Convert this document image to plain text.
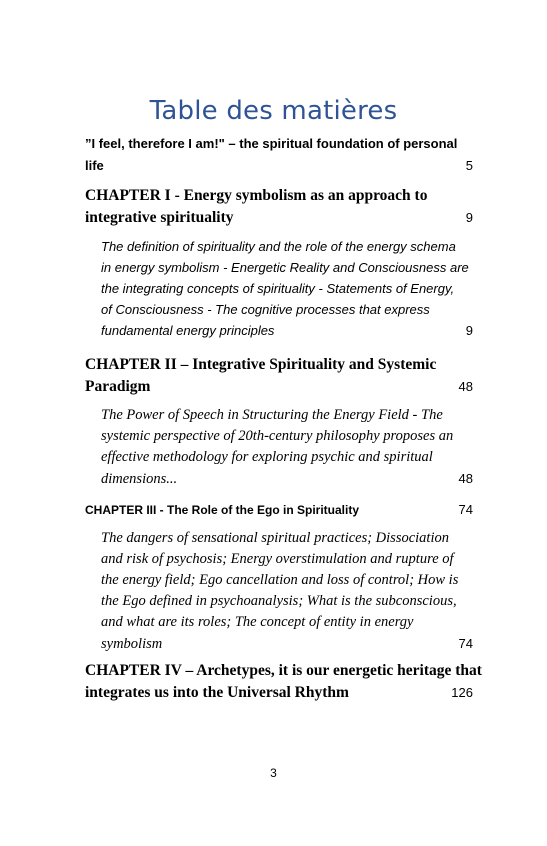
Table des matières
”I feel, therefore I am!" – the spiritual foundation of personal
life	5
CHAPTER I - Energy symbolism as an approach to
integrative spirituality	9
The definition of spirituality and the role of the energy schema
in energy symbolism - Energetic Reality and Consciousness are
the integrating concepts of spirituality - Statements of Energy,
of Consciousness - The cognitive processes that express
fundamental energy principles	9
CHAPTER II – Integrative Spirituality and Systemic
Paradigm	48
The Power of Speech in Structuring the Energy Field - The
systemic perspective of 20th-century philosophy proposes an
effective methodology for exploring psychic and spiritual
dimensions...	48
CHAPTER III - The Role of the Ego in Spirituality	74
The dangers of sensational spiritual practices; Dissociation
and risk of psychosis; Energy overstimulation and rupture of
the energy field; Ego cancellation and loss of control; How is
the Ego defined in psychoanalysis; What is the subconscious,
and what are its roles; The concept of entity in energy
symbolism	74
CHAPTER IV – Archetypes, it is our energetic heritage that
integrates us into the Universal Rhythm	126
3
